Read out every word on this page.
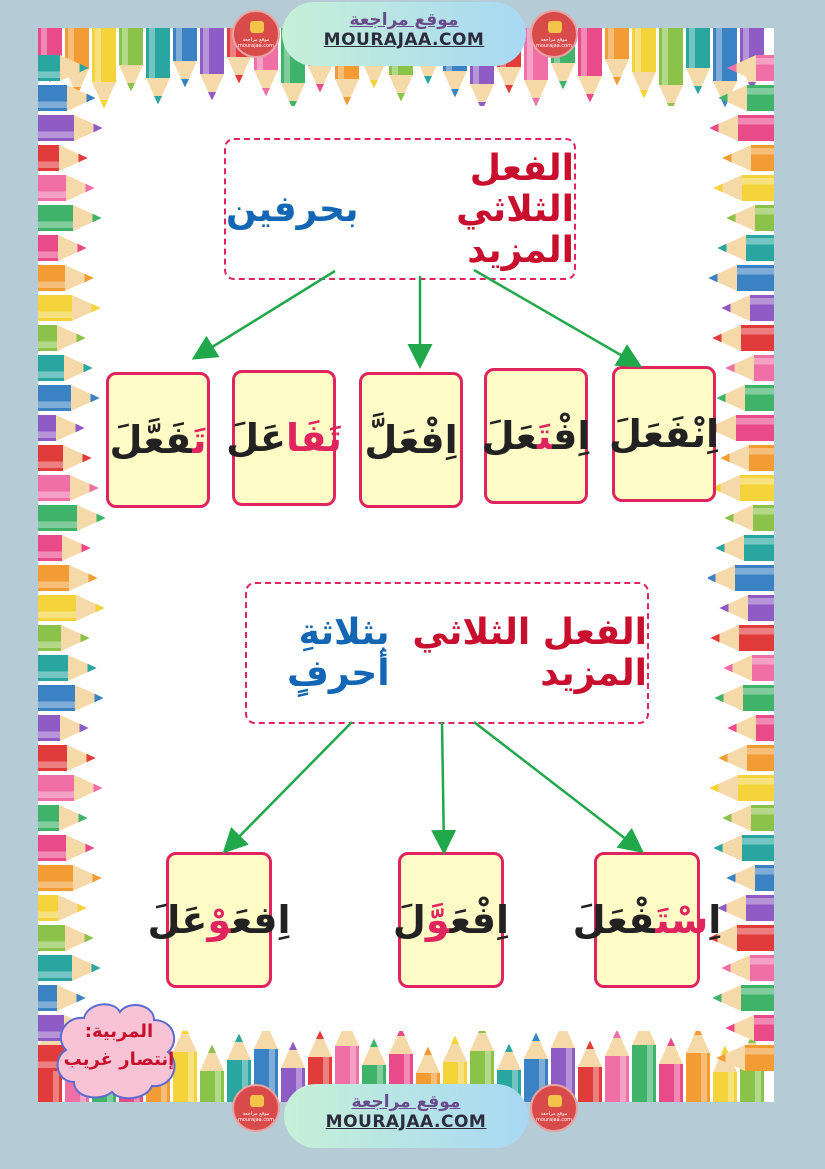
موقع مراجعة mourajaa.com
موقع مراجعة
MOURAJAA.COM	موقع مراجعة mourajaa.com
الفعل الثلاثي المزيد

بحرفين
اِنْفَعَلَ
اِفْتَعَلَ
اِفْعَلَّ
تَفَاعَلَ
تَفَعَّلَ
الفعل الثلاثي المزيد

بثلاثةِ أحرفٍ
اِسْتَفْعَلَ
اِفْعَوَّلَ
اِفعَوْعَلَ
المربية:
إنتصار غريب
موقع مراجعة mourajaa.com
موقع مراجعة
MOURAJAA.COM	موقع مراجعة mourajaa.com
